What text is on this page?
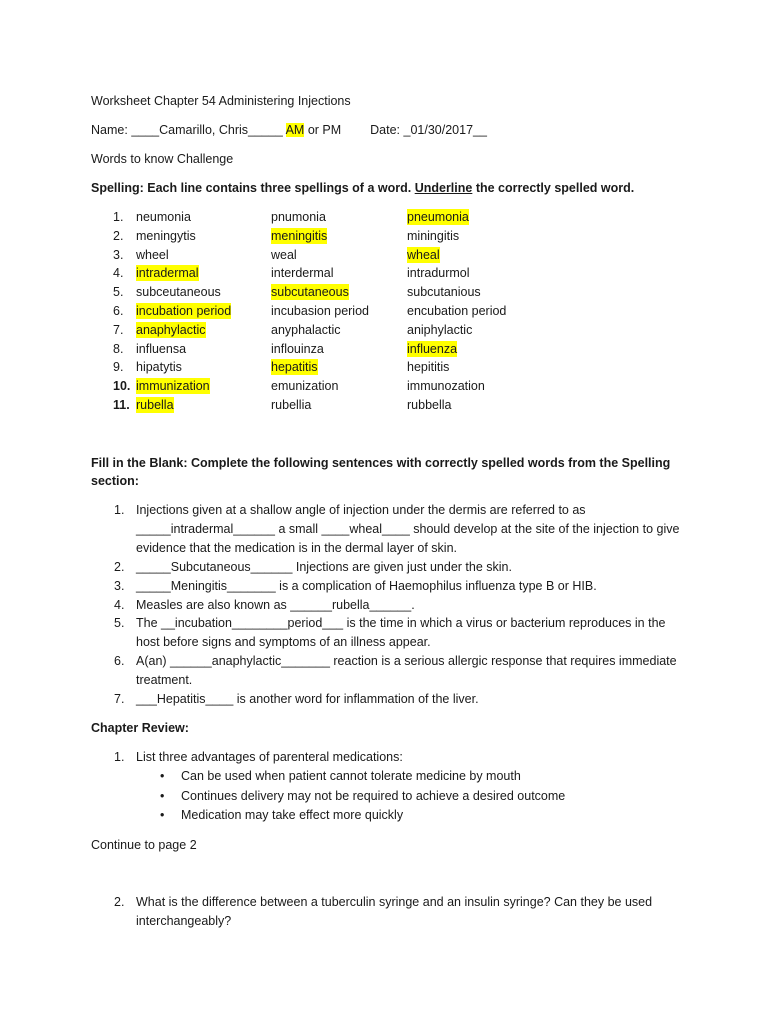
Worksheet Chapter 54 Administering Injections
Name: ____Camarillo, Chris_____ AM or PM Date: _01/30/2017__
Words to know Challenge
Spelling: Each line contains three spellings of a word. Underline the correctly spelled word.
1. neumonia	pnumonia	pneumonia
2. meningytis	meningitis	miningitis
3. wheel	weal	wheal
4. intradermal	interdermal	intradurmol
5. subceutaneous	subcutaneous	subcutanious
6. incubation period	incubasion period	encubation period
7. anaphylactic	anyphalactic	aniphylactic
8. influensa	inflouinza	influenza
9. hipatytis	hepatitis	hepititis
10. immunization	emunization	immunozation
11. rubella	rubellia	rubbella
Fill in the Blank: Complete the following sentences with correctly spelled words from the Spelling
section:
1. Injections given at a shallow angle of injection under the dermis are referred to as
_____intradermal______ a small ____wheal____ should develop at the site of the injection to give
evidence that the medication is in the dermal layer of skin.
2. _____Subcutaneous______ Injections are given just under the skin.
3. _____Meningitis_______ is a complication of Haemophilus influenza type B or HIB.
4. Measles are also known as ______rubella______.
5. The __incubation________period___ is the time in which a virus or bacterium reproduces in the
host before signs and symptoms of an illness appear.
6. A(an) ______anaphylactic_______ reaction is a serious allergic response that requires immediate
treatment.
7. ___Hepatitis____ is another word for inflammation of the liver.
Chapter Review:
1. List three advantages of parenteral medications:
• Can be used when patient cannot tolerate medicine by mouth
• Continues delivery may not be required to achieve a desired outcome
• Medication may take effect more quickly
Continue to page 2
2. What is the difference between a tuberculin syringe and an insulin syringe? Can they be used
interchangeably?
